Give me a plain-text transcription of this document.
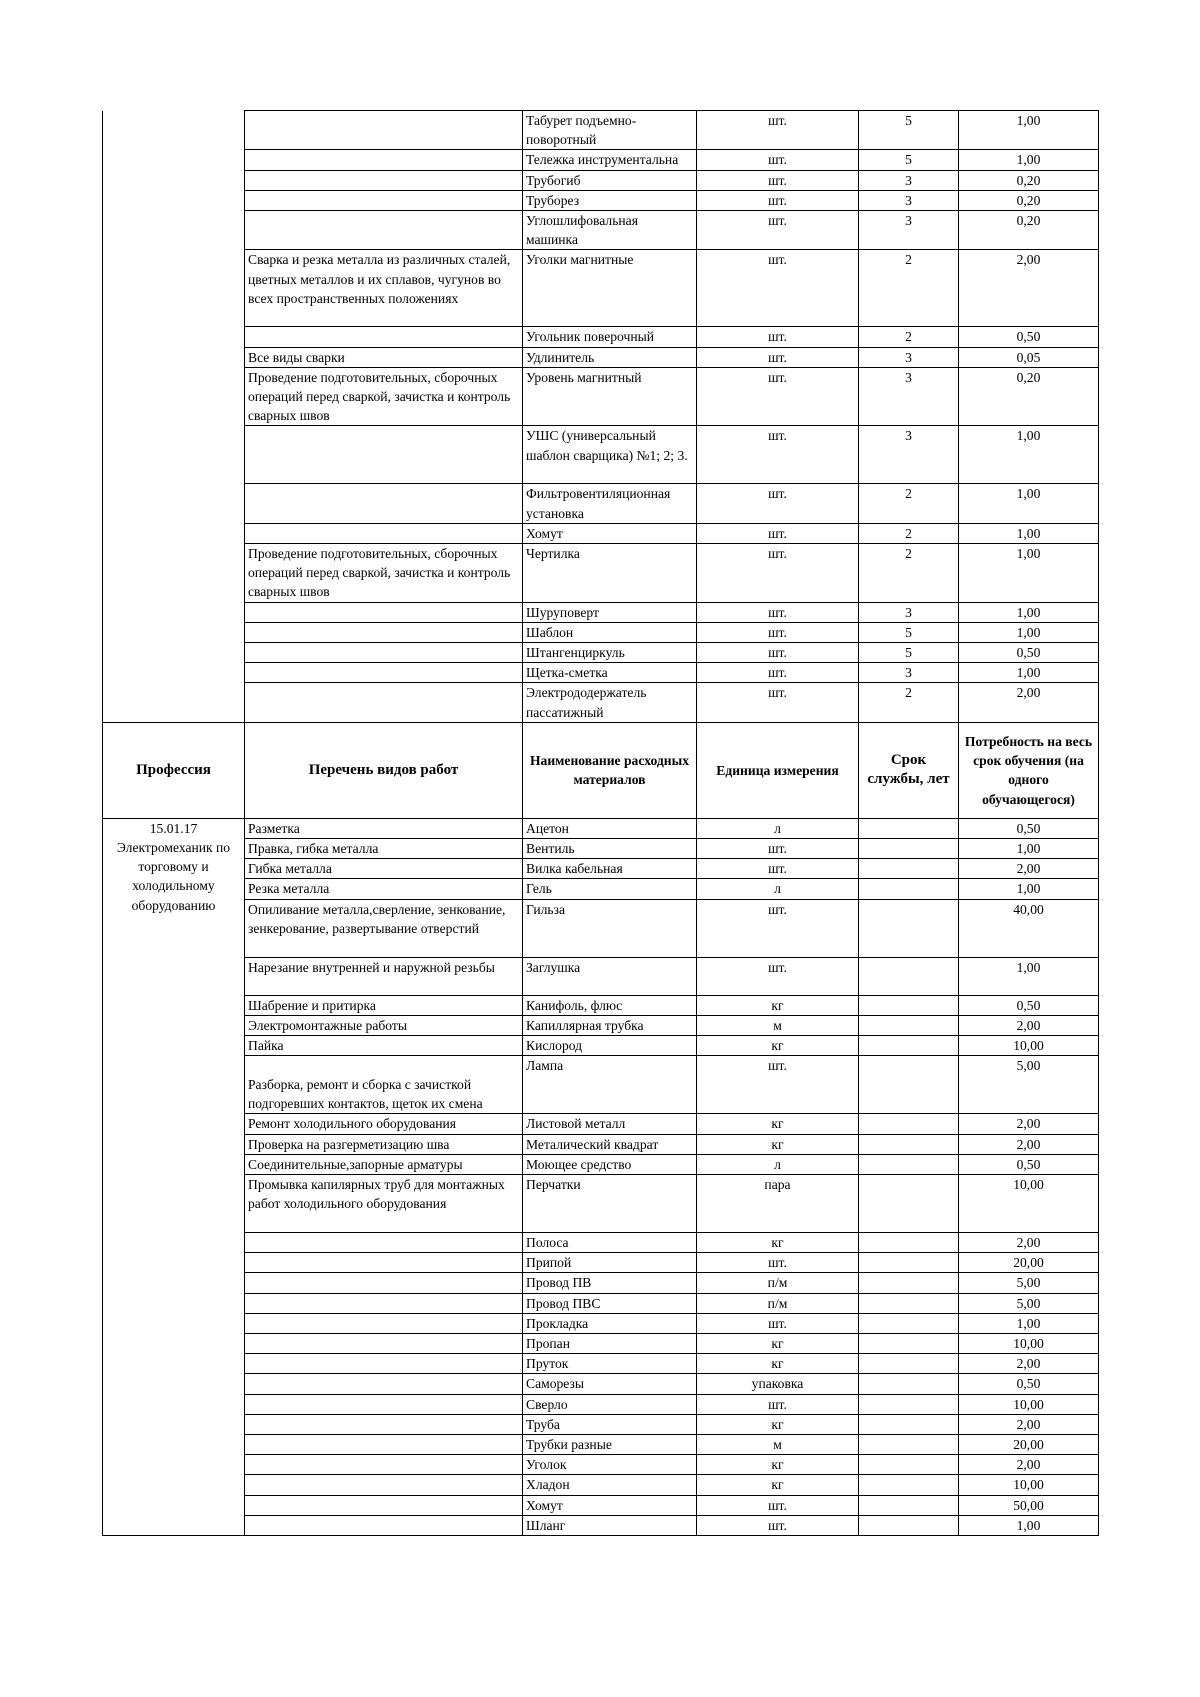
		Табурет подъемно-поворотный	шт.	5	1,00
		Тележка инструментальна	шт.	5	1,00
		Трубогиб	шт.	3	0,20
		Труборез	шт.	3	0,20
		Углошлифовальная машинка	шт.	3	0,20
	Сварка и резка металла из различных сталей, цветных металлов и их сплавов, чугунов во всех пространственных положениях	Уголки магнитные	шт.	2	2,00
		Угольник поверочный	шт.	2	0,50
	Все виды сварки	Удлинитель	шт.	3	0,05
	Проведение подготовительных, сборочных операций перед сваркой, зачистка и контроль сварных швов	Уровень магнитный	шт.	3	0,20
		УШС (универсальный шаблон сварщика) №1; 2; 3.	шт.	3	1,00
		Фильтровентиляционная установка	шт.	2	1,00
		Хомут	шт.	2	1,00
	Проведение подготовительных, сборочных операций перед сваркой, зачистка и контроль сварных швов	Чертилка	шт.	2	1,00
		Шуруповерт	шт.	3	1,00
		Шаблон	шт.	5	1,00
		Штангенциркуль	шт.	5	0,50
		Щетка-сметка	шт.	3	1,00
		Электрододержатель пассатижный	шт.	2	2,00
Профессия	Перечень видов работ	Наименование расходных материалов	Единица измерения	Срок службы, лет	Потребность на весь срок обучения (на одного обучающегося)
15.01.17 Электромеханик по торговому и холодильному оборудованию	Разметка	Ацетон	л		0,50
	Правка, гибка металла	Вентиль	шт.		1,00
	Гибка металла	Вилка кабельная	шт.		2,00
	Резка металла	Гель	л		1,00
	Опиливание металла,сверление, зенкование, зенкерование, развертывание отверстий	Гильза	шт.		40,00
	Нарезание внутренней и наружной резьбы	Заглушка	шт.		1,00
	Шабрение и притирка	Канифоль, флюс	кг		0,50
	Электромонтажные работы	Капиллярная трубка	м		2,00
	Пайка	Кислород	кг		10,00
	Разборка, ремонт и сборка с зачисткой подгоревших контактов, щеток их смена	Лампа	шт.		5,00
	Ремонт холодильного оборудования	Листовой металл	кг		2,00
	Проверка на разгерметизацию шва	Металический квадрат	кг		2,00
	Соединительные,запорные арматуры	Моющее средство	л		0,50
	Промывка капилярных труб для монтажных работ холодильного оборудования	Перчатки	пара		10,00
		Полоса	кг		2,00
		Припой	шт.		20,00
		Провод ПВ	п/м		5,00
		Провод ПВС	п/м		5,00
		Прокладка	шт.		1,00
		Пропан	кг		10,00
		Пруток	кг		2,00
		Саморезы	упаковка		0,50
		Сверло	шт.		10,00
		Труба	кг		2,00
		Трубки разные	м		20,00
		Уголок	кг		2,00
		Хладон	кг		10,00
		Хомут	шт.		50,00
		Шланг	шт.		1,00
